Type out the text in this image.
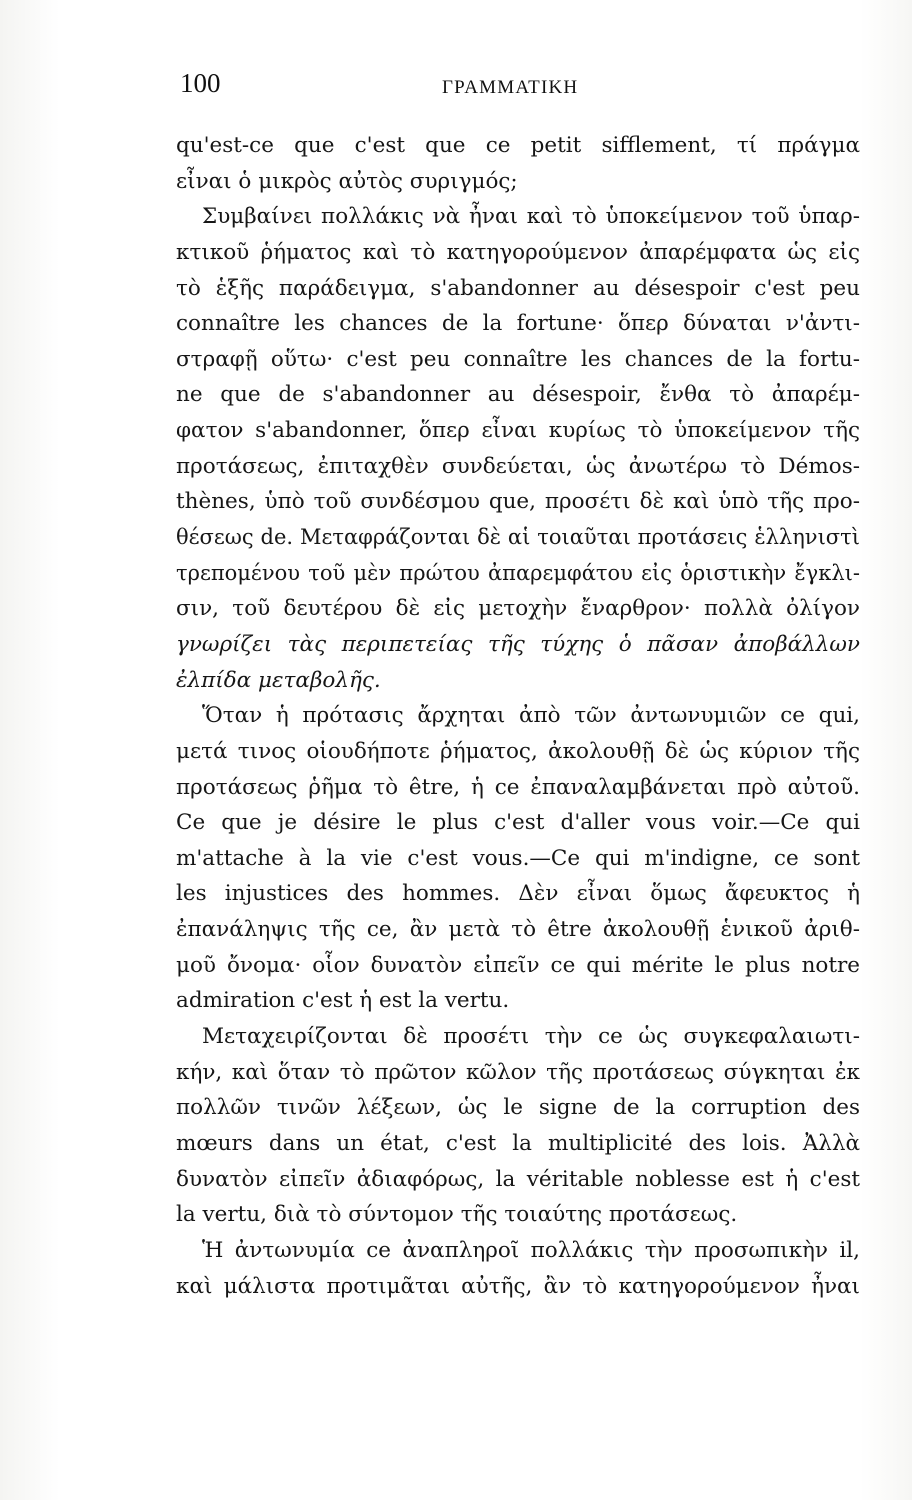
100	ΓΡΑΜΜΑΤΙΚΗ
qu'est-ce que c'est que ce petit sifflement, τί πράγμα
εἶναι ὁ μικρὸς αὐτὸς συριγμός;
Συμβαίνει πολλάκις νὰ ἦναι καὶ τὸ ὑποκείμενον τοῦ ὑπαρ-
κτικοῦ ῥήματος καὶ τὸ κατηγορούμενον ἀπαρέμφατα ὡς εἰς
τὸ ἑξῆς παράδειγμα, s'abandonner au désespoir c'est peu
connaître les chances de la fortune· ὅπερ δύναται ν'ἀντι-
στραφῇ οὕτω· c'est peu connaître les chances de la fortu-
ne que de s'abandonner au désespoir, ἔνθα τὸ ἀπαρέμ-
φατον s'abandonner, ὅπερ εἶναι κυρίως τὸ ὑποκείμενον τῆς
προτάσεως, ἐπιταχθὲν συνδεύεται, ὡς ἀνωτέρω τὸ Démos-
thènes, ὑπὸ τοῦ συνδέσμου que, προσέτι δὲ καὶ ὑπὸ τῆς προ-
θέσεως de. Μεταφράζονται δὲ αἱ τοιαῦται προτάσεις ἑλληνιστὶ
τρεπομένου τοῦ μὲν πρώτου ἀπαρεμφάτου εἰς ὁριστικὴν ἔγκλι-
σιν, τοῦ δευτέρου δὲ εἰς μετοχὴν ἔναρθρον· πολλὰ ὀλίγον
γνωρίζει τὰς περιπετείας τῆς τύχης ὁ πᾶσαν ἀποβάλλων
ἐλπίδα μεταβολῆς.
Ὅταν ἡ πρότασις ἄρχηται ἀπὸ τῶν ἀντωνυμιῶν ce qui,
μετά τινος οἱουδήποτε ῥήματος, ἀκολουθῇ δὲ ὡς κύριον τῆς
προτάσεως ῥῆμα τὸ être, ἡ ce ἐπαναλαμβάνεται πρὸ αὐτοῦ.
Ce que je désire le plus c'est d'aller vous voir.—Ce qui
m'attache à la vie c'est vous.—Ce qui m'indigne, ce sont
les injustices des hommes. Δὲν εἶναι ὅμως ἄφευκτος ἡ
ἐπανάληψις τῆς ce, ἂν μετὰ τὸ être ἀκολουθῇ ἑνικοῦ ἀριθ-
μοῦ ὄνομα· οἷον δυνατὸν εἰπεῖν ce qui mérite le plus notre
admiration c'est ἡ est la vertu.
Μεταχειρίζονται δὲ προσέτι τὴν ce ὡς συγκεφαλαιωτι-
κήν, καὶ ὅταν τὸ πρῶτον κῶλον τῆς προτάσεως σύγκηται ἐκ
πολλῶν τινῶν λέξεων, ὡς le signe de la corruption des
mœurs dans un état, c'est la multiplicité des lois. Ἀλλὰ
δυνατὸν εἰπεῖν ἀδιαφόρως, la véritable noblesse est ἡ c'est
la vertu, διὰ τὸ σύντομον τῆς τοιαύτης προτάσεως.
Ἡ ἀντωνυμία ce ἀναπληροῖ πολλάκις τὴν προσωπικὴν il,
καὶ μάλιστα προτιμᾶται αὐτῆς, ἂν τὸ κατηγορούμενον ἦναι
